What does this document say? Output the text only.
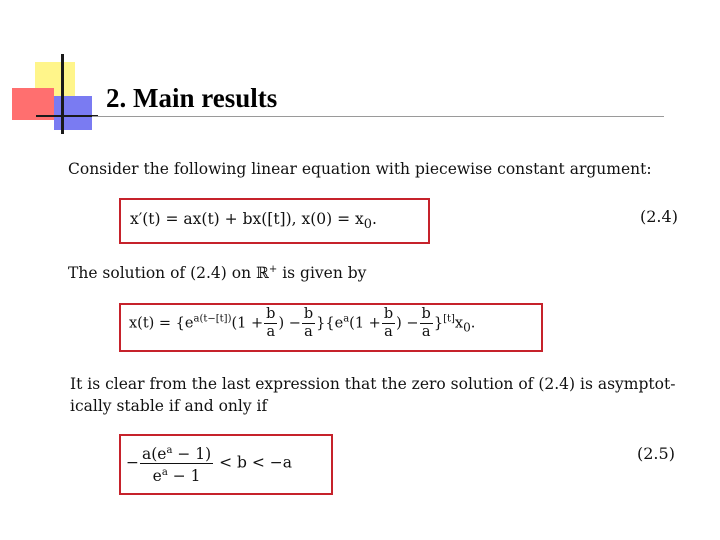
2. Main results
Consider the following linear equation with piecewise constant argument:
x′(t) = ax(t) + bx([t]), $x(0) = x_0$.	(2.4)
The solution of (2.4) on ℝ+ is given by
$x(t) = \{e^{a(t-[t])}(1 + \frac{b}{a}$ ) − $\frac{b}{a} \}\{e^a(1 + \frac{b}{a}$ ) − $\frac{b}{a} \}[t]x_0$.
It is clear from the last expression that the zero solution of (2.4) is asymptot-
ically stable if and only if
− $\frac{a(e^a - 1)}{e^a - 1} < b < -a$	(2.5)
